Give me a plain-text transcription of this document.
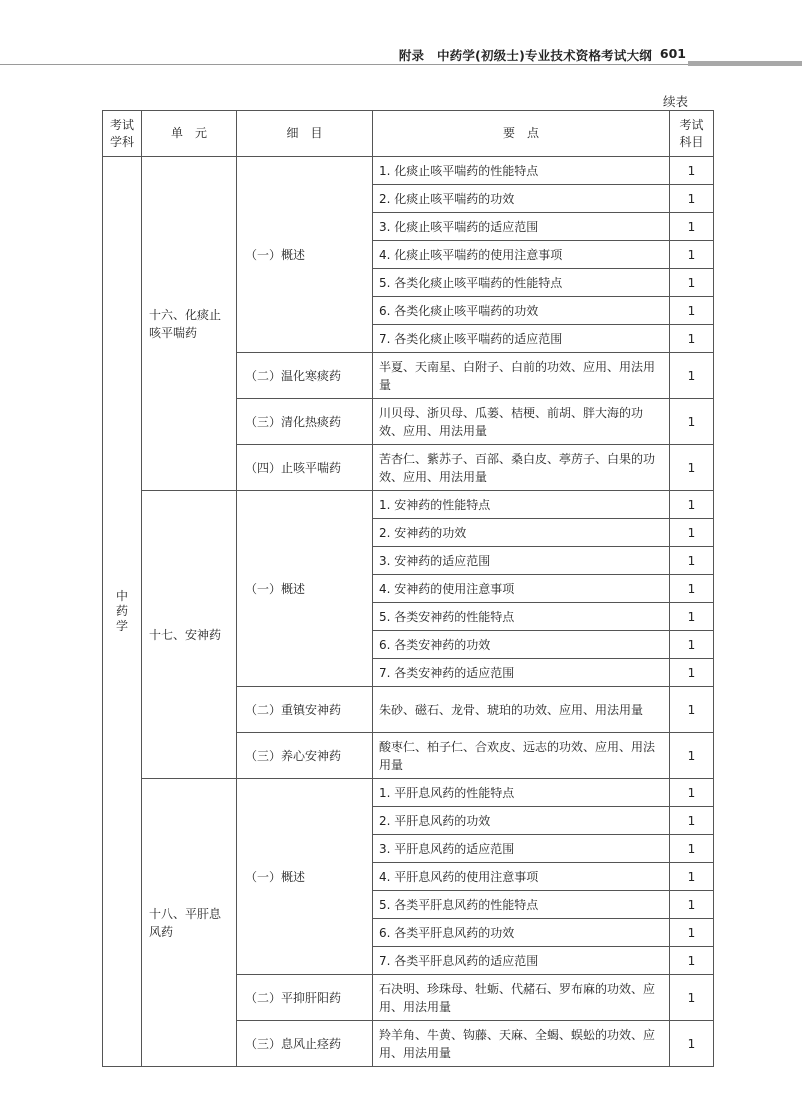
附录　中药学(初级士)专业技术资格考试大纲 601
续表
考试学科	单　元	细　目	要　点	考试科目
中药学	十六、化痰止咳平喘药	（一）概述	1. 化痰止咳平喘药的性能特点	1
			2. 化痰止咳平喘药的功效	1
			3. 化痰止咳平喘药的适应范围	1
			4. 化痰止咳平喘药的使用注意事项	1
			5. 各类化痰止咳平喘药的性能特点	1
			6. 各类化痰止咳平喘药的功效	1
			7. 各类化痰止咳平喘药的适应范围	1
		（二）温化寒痰药	半夏、天南星、白附子、白前的功效、应用、用法用量	1
		（三）清化热痰药	川贝母、浙贝母、瓜蒌、桔梗、前胡、胖大海的功效、应用、用法用量	1
		（四）止咳平喘药	苦杏仁、紫苏子、百部、桑白皮、葶苈子、白果的功效、应用、用法用量	1
	十七、安神药	（一）概述	1. 安神药的性能特点	1
			2. 安神药的功效	1
			3. 安神药的适应范围	1
			4. 安神药的使用注意事项	1
			5. 各类安神药的性能特点	1
			6. 各类安神药的功效	1
			7. 各类安神药的适应范围	1
		（二）重镇安神药	朱砂、磁石、龙骨、琥珀的功效、应用、用法用量	1
		（三）养心安神药	酸枣仁、柏子仁、合欢皮、远志的功效、应用、用法用量	1
	十八、平肝息风药	（一）概述	1. 平肝息风药的性能特点	1
			2. 平肝息风药的功效	1
			3. 平肝息风药的适应范围	1
			4. 平肝息风药的使用注意事项	1
			5. 各类平肝息风药的性能特点	1
			6. 各类平肝息风药的功效	1
			7. 各类平肝息风药的适应范围	1
		（二）平抑肝阳药	石决明、珍珠母、牡蛎、代赭石、罗布麻的功效、应用、用法用量	1
		（三）息风止痉药	羚羊角、牛黄、钩藤、天麻、全蝎、蜈蚣的功效、应用、用法用量	1
